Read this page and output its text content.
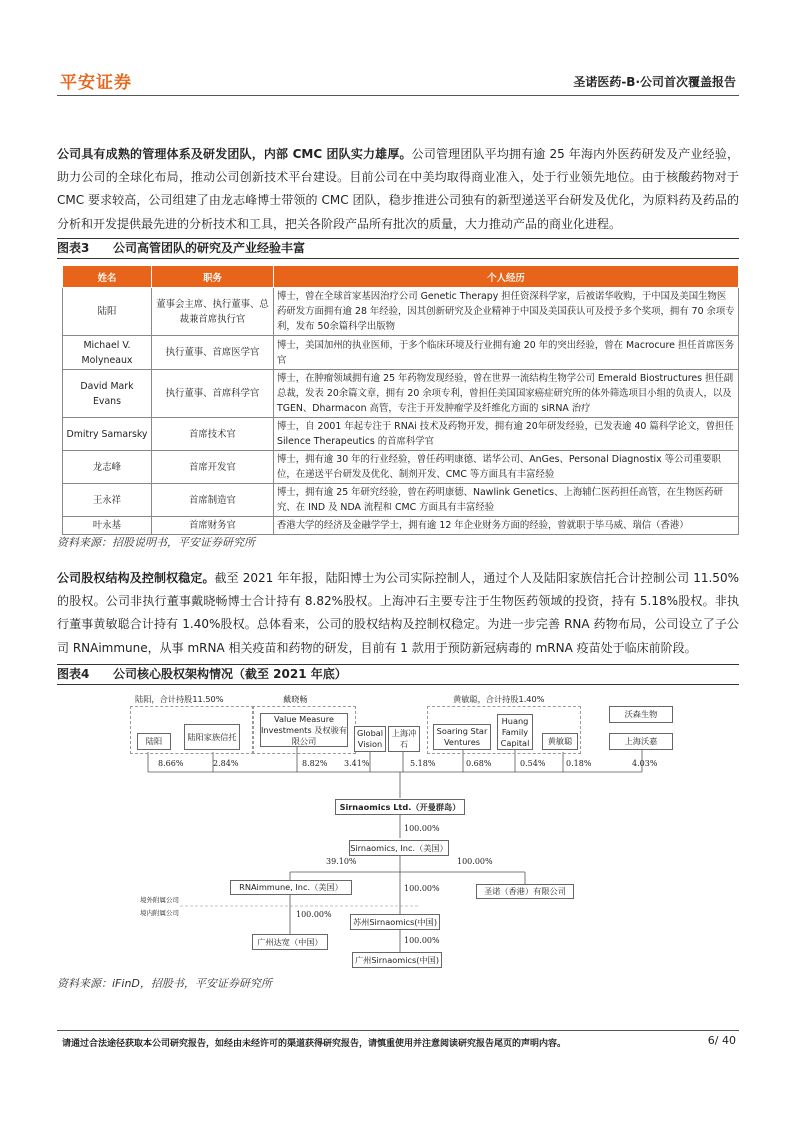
平安证券	圣诺医药-B·公司首次覆盖报告

公司具有成熟的管理体系及研发团队，内部 CMC 团队实力雄厚。公司管理团队平均拥有逾 25 年海内外医药研发及产业经验，助力公司的全球化布局，推动公司创新技术平台建设。目前公司在中美均取得商业准入，处于行业领先地位。由于核酸药物对于 CMC 要求较高，公司组建了由龙志峰博士带领的 CMC 团队，稳步推进公司独有的新型递送平台研发及优化，为原料药及药品的分析和开发提供最先进的分析技术和工具，把关各阶段产品所有批次的质量，大力推动产品的商业化进程。

图表3 公司高管团队的研究及产业经验丰富
姓名	职务	个人经历
陆阳	董事会主席、执行董事、总裁兼首席执行官	博士，曾在全球首家基因治疗公司 Genetic Therapy 担任资深科学家，后被诺华收购，于中国及美国生物医药研发方面拥有逾 28 年经验，因其创新研究及企业精神于中国及美国获认可及授予多个奖项，拥有 70 余项专利，发布 50余篇科学出版物
Michael V. Molyneaux	执行董事、首席医学官	博士，美国加州的执业医师，于多个临床环境及行业拥有逾 20 年的突出经验，曾在 Macrocure 担任首席医务官
David Mark Evans	执行董事、首席科学官	博士，在肿瘤领域拥有逾 25 年药物发现经验，曾在世界一流结构生物学公司 Emerald Biostructures 担任副总裁，发表 20余篇文章，拥有 20 余项专利，曾担任美国国家癌症研究所的体外筛选项目小组的负责人，以及 TGEN、Dharmacon 高管，专注于开发肿瘤学及纤维化方面的 siRNA 治疗
Dmitry Samarsky	首席技术官	博士，自 2001 年起专注于 RNAi 技术及药物开发，拥有逾 20年研发经验，已发表逾 40 篇科学论文，曾担任 Silence Therapeutics 的首席科学官
龙志峰	首席开发官	博士，拥有逾 30 年的行业经验，曾任药明康德、诺华公司、AnGes、Personal Diagnostix 等公司重要职位，在递送平台研发及优化、制剂开发、CMC 等方面具有丰富经验
王永祥	首席制造官	博士，拥有逾 25 年研究经验，曾在药明康德、Nawlink Genetics、上海辅仁医药担任高管，在生物医药研究、在 IND 及 NDA 流程和 CMC 方面具有丰富经验
叶永基	首席财务官	香港大学的经济及金融学学士，拥有逾 12 年企业财务方面的经验，曾就职于毕马威、瑞信（香港）
资料来源：招股说明书，平安证券研究所

公司股权结构及控制权稳定。截至 2021 年年报，陆阳博士为公司实际控制人，通过个人及陆阳家族信托合计控制公司 11.50%的股权。公司非执行董事戴晓畅博士合计持有 8.82%股权。上海冲石主要专注于生物医药领域的投资，持有 5.18%股权。非执行董事黄敏聪合计持有 1.40%股权。总体看来，公司的股权结构及控制权稳定。为进一步完善 RNA 药物布局，公司设立了子公司 RNAimmune，从事 mRNA 相关疫苗和药物的研发，目前有 1 款用于预防新冠病毒的 mRNA 疫苗处于临床前阶段。

图表4 公司核心股权架构情况（截至 2021 年底）
陆阳，合计持股11.50%	戴晓畅	黄敏聪，合计持股1.40%
陆阳	陆阳家族信托
Value Measure Investments 及权骏有限公司
Global Vision
上海冲石
Soaring Star Ventures
Huang Family Capital	黄敏聪
沃森生物
上海沃嘉
8.66%	2.84%	8.82% 3.41%	5.18%	0.68%	0.54%	0.18%	4.03%
Sirnaomics Ltd.（开曼群岛）
100.00%
Sirnaomics, Inc.（美国）
39.10%	100.00%
RNAimmune, Inc.（美国）	100.00%	圣诺（香港）有限公司
境外附属公司
境内附属公司	100.00%
苏州Sirnaomics(中国)
广州达宽（中国）	100.00%
广州Sirnaomics(中国)
资料来源：iFinD，招股书，平安证券研究所
请通过合法途径获取本公司研究报告，如经由未经许可的渠道获得研究报告，请慎重使用并注意阅读研究报告尾页的声明内容。	6/ 40
